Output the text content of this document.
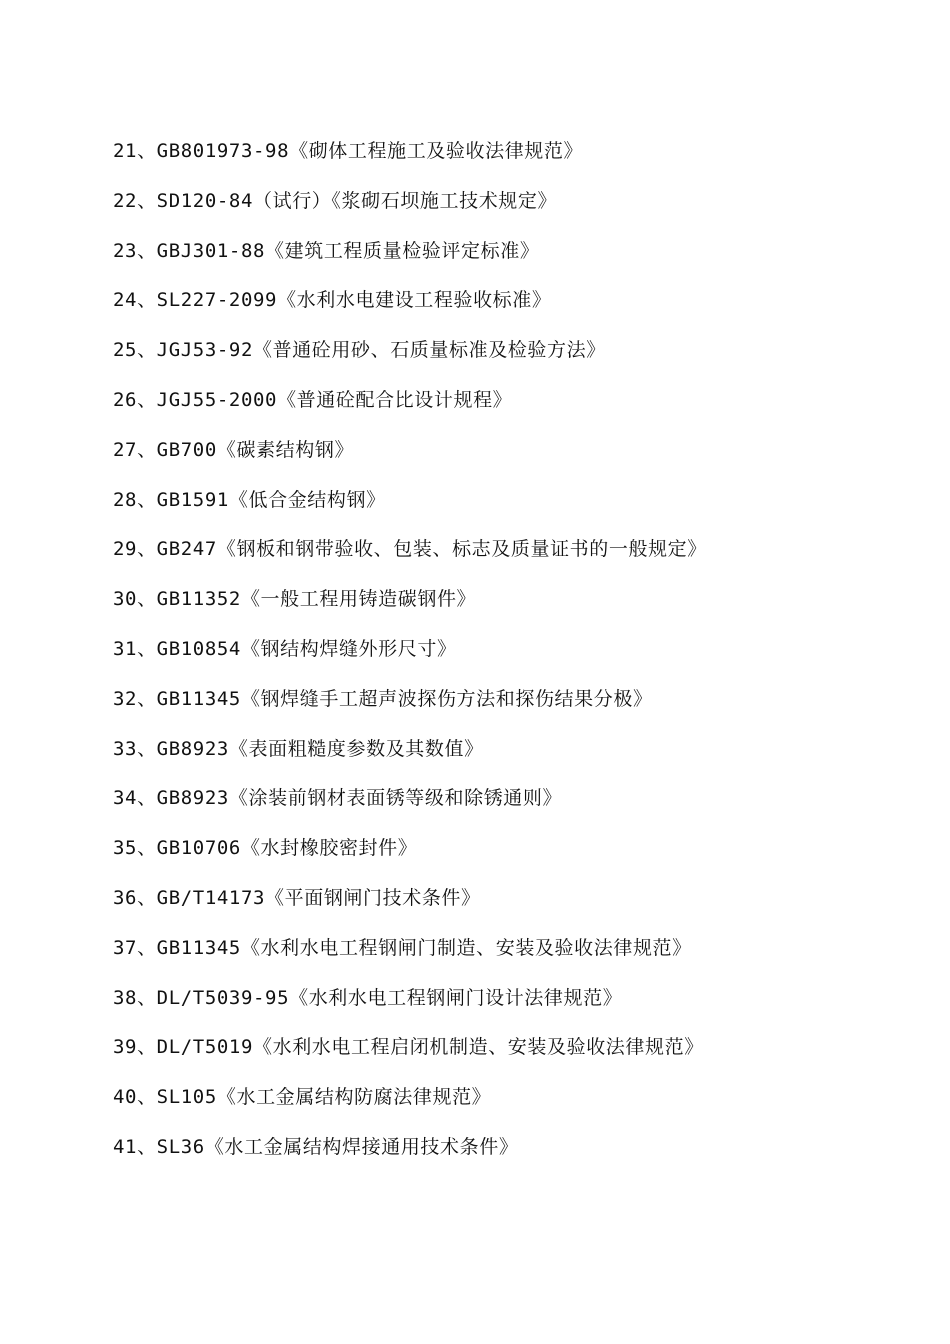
21、GB801973-98《砌体工程施工及验收法律规范》
22、SD120-84（试行）《浆砌石坝施工技术规定》
23、GBJ301-88《建筑工程质量检验评定标准》
24、SL227-2099《水利水电建设工程验收标准》
25、JGJ53-92《普通砼用砂、石质量标准及检验方法》
26、JGJ55-2000《普通砼配合比设计规程》
27、GB700《碳素结构钢》
28、GB1591《低合金结构钢》
29、GB247《钢板和钢带验收、包装、标志及质量证书的一般规定》
30、GB11352《一般工程用铸造碳钢件》
31、GB10854《钢结构焊缝外形尺寸》
32、GB11345《钢焊缝手工超声波探伤方法和探伤结果分极》
33、GB8923《表面粗糙度参数及其数值》
34、GB8923《涂装前钢材表面锈等级和除锈通则》
35、GB10706《水封橡胶密封件》
36、GB/T14173《平面钢闸门技术条件》
37、GB11345《水利水电工程钢闸门制造、安装及验收法律规范》
38、DL/T5039-95《水利水电工程钢闸门设计法律规范》
39、DL/T5019《水利水电工程启闭机制造、安装及验收法律规范》
40、SL105《水工金属结构防腐法律规范》
41、SL36《水工金属结构焊接通用技术条件》
